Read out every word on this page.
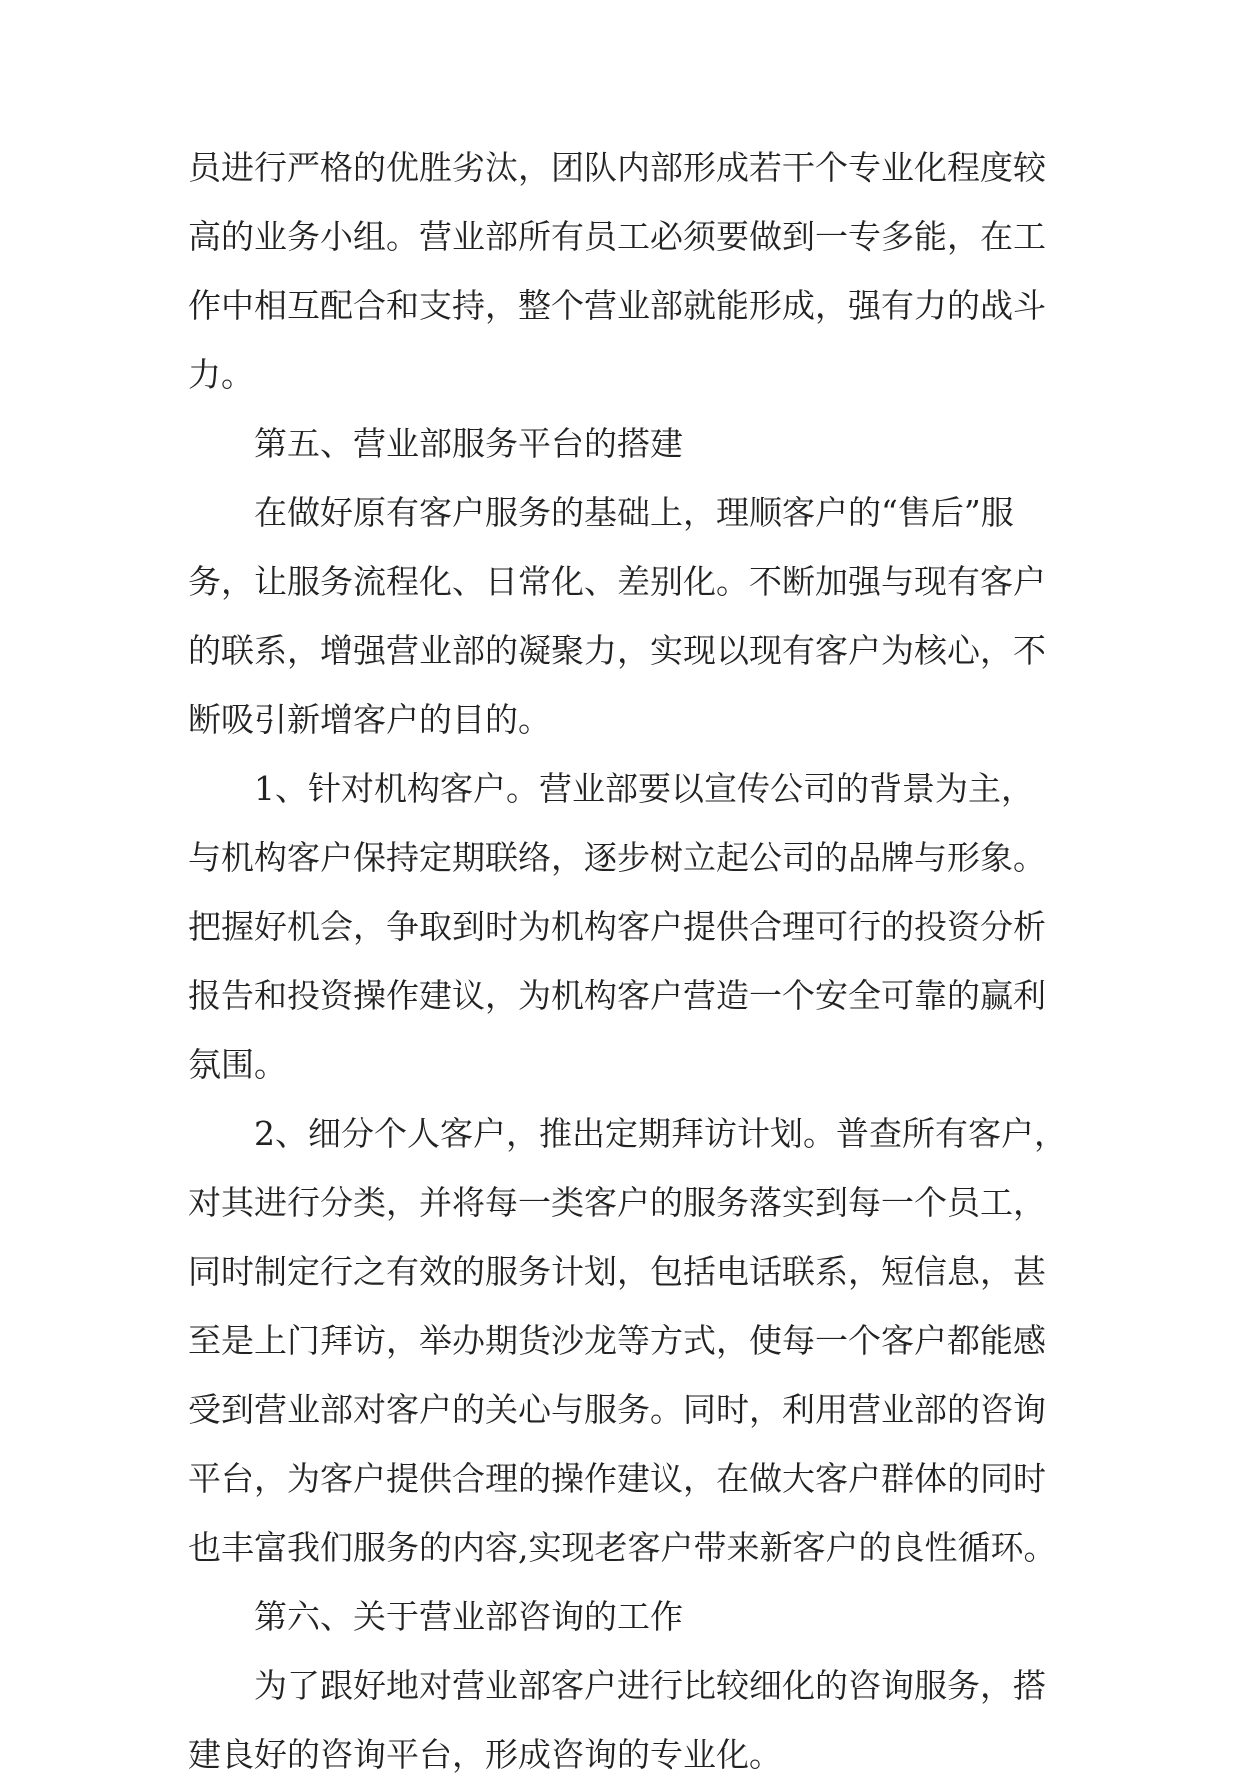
员进行严格的优胜劣汰，团队内部形成若干个专业化程度较
高的业务小组。营业部所有员工必须要做到一专多能，在工
作中相互配合和支持，整个营业部就能形成，强有力的战斗
力。
第五、营业部服务平台的搭建
在做好原有客户服务的基础上，理顺客户的“售后”服
务，让服务流程化、日常化、差别化。不断加强与现有客户
的联系，增强营业部的凝聚力，实现以现有客户为核心，不
断吸引新增客户的目的。
1、针对机构客户。营业部要以宣传公司的背景为主，
与机构客户保持定期联络，逐步树立起公司的品牌与形象。
把握好机会，争取到时为机构客户提供合理可行的投资分析
报告和投资操作建议，为机构客户营造一个安全可靠的赢利
氛围。
2、细分个人客户，推出定期拜访计划。普查所有客户，
对其进行分类，并将每一类客户的服务落实到每一个员工，
同时制定行之有效的服务计划，包括电话联系，短信息，甚
至是上门拜访，举办期货沙龙等方式，使每一个客户都能感
受到营业部对客户的关心与服务。同时，利用营业部的咨询
平台，为客户提供合理的操作建议，在做大客户群体的同时
也丰富我们服务的内容,实现老客户带来新客户的良性循环。
第六、关于营业部咨询的工作
为了跟好地对营业部客户进行比较细化的咨询服务，搭
建良好的咨询平台，形成咨询的专业化。
